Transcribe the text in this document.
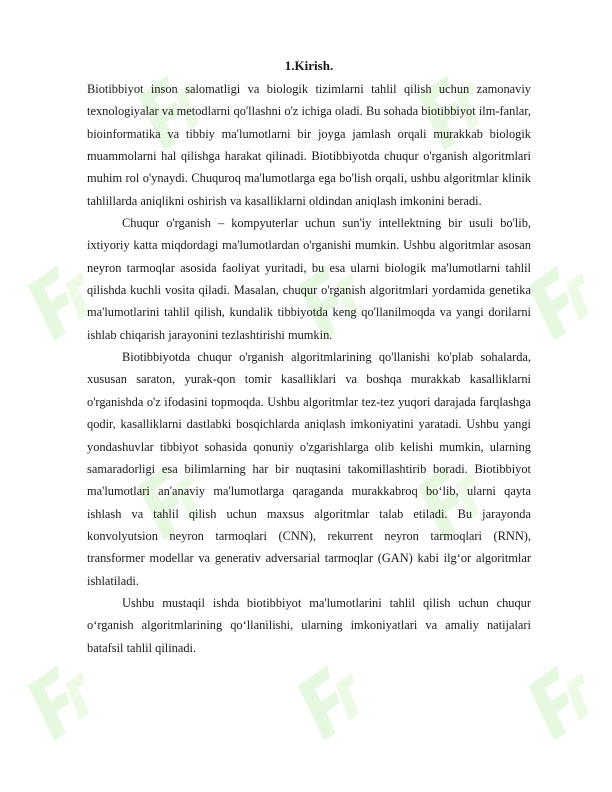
1.Kirish.

Biotibbiyot inson salomatligi va biologik tizimlarni tahlil qilish uchun zamonaviy texnologiyalar va metodlarni qo'llashni o'z ichiga oladi. Bu sohada biotibbiyot ilm-fanlar, bioinformatika va tibbiy ma'lumotlarni bir joyga jamlash orqali murakkab biologik muammolarni hal qilishga harakat qilinadi. Biotibbiyotda chuqur o'rganish algoritmlari muhim rol o'ynaydi. Chuquroq ma'lumotlarga ega bo'lish orqali, ushbu algoritmlar klinik tahlillarda aniqlikni oshirish va kasalliklarni oldindan aniqlash imkonini beradi.

Chuqur o'rganish – kompyuterlar uchun sun'iy intellektning bir usuli bo'lib, ixtiyoriy katta miqdordagi ma'lumotlardan o'rganishi mumkin. Ushbu algoritmlar asosan neyron tarmoqlar asosida faoliyat yuritadi, bu esa ularni biologik ma'lumotlarni tahlil qilishda kuchli vosita qiladi. Masalan, chuqur o'rganish algoritmlari yordamida genetika ma'lumotlarini tahlil qilish, kundalik tibbiyotda keng qo'llanilmoqda va yangi dorilarni ishlab chiqarish jarayonini tezlashtirishi mumkin.

Biotibbiyotda chuqur o'rganish algoritmlarining qo'llanishi ko'plab sohalarda, xususan saraton, yurak-qon tomir kasalliklari va boshqa murakkab kasalliklarni o'rganishda o'z ifodasini topmoqda. Ushbu algoritmlar tez-tez yuqori darajada farqlashga qodir, kasalliklarni dastlabki bosqichlarda aniqlash imkoniyatini yaratadi. Ushbu yangi yondashuvlar tibbiyot sohasida qonuniy o'zgarishlarga olib kelishi mumkin, ularning samaradorligi esa bilimlarning har bir nuqtasini takomillashtirib boradi. Biotibbiyot ma'lumotlari an'anaviy ma'lumotlarga qaraganda murakkabroq bo‘lib, ularni qayta ishlash va tahlil qilish uchun maxsus algoritmlar talab etiladi. Bu jarayonda konvolyutsion neyron tarmoqlari (CNN), rekurrent neyron tarmoqlari (RNN), transformer modellar va generativ adversarial tarmoqlar (GAN) kabi ilg‘or algoritmlar ishlatiladi.

Ushbu mustaqil ishda biotibbiyot ma'lumotlarini tahlil qilish uchun chuqur o‘rganish algoritmlarining qo‘llanilishi, ularning imkoniyatlari va amaliy natijalari batafsil tahlil qilinadi.
